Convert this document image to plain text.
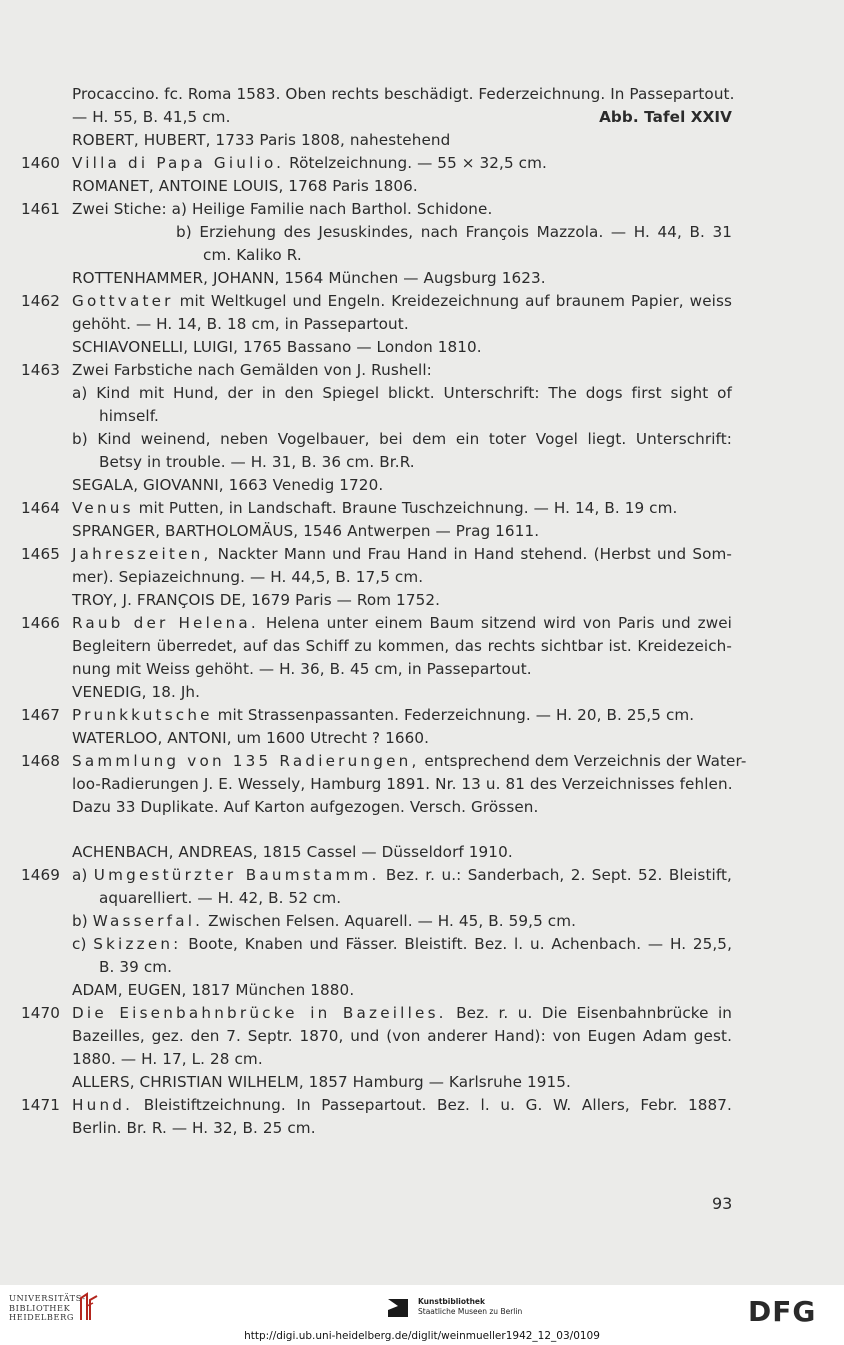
Procaccino. fc. Roma 1583. Oben rechts beschädigt. Federzeichnung. In Passepartout.
— H. 55, B. 41,5 cm.	Abb. Tafel XXIV
ROBERT, HUBERT, 1733 Paris 1808, nahestehend
1460 Villa di Papa Giulio. Rötelzeichnung. — 55 × 32,5 cm.
ROMANET, ANTOINE LOUIS, 1768 Paris 1806.
1461 Zwei Stiche: a) Heilige Familie nach Barthol. Schidone.
b) Erziehung des Jesuskindes, nach François Mazzola. — H. 44, B. 31
cm. Kaliko R.
ROTTENHAMMER, JOHANN, 1564 München — Augsburg 1623.
1462 Gottvater mit Weltkugel und Engeln. Kreidezeichnung auf braunem Papier, weiss
gehöht. — H. 14, B. 18 cm, in Passepartout.
SCHIAVONELLI, LUIGI, 1765 Bassano — London 1810.
1463 Zwei Farbstiche nach Gemälden von J. Rushell:
a) Kind mit Hund, der in den Spiegel blickt. Unterschrift: The dogs first sight of
himself.
b) Kind weinend, neben Vogelbauer, bei dem ein toter Vogel liegt. Unterschrift:
Betsy in trouble. — H. 31, B. 36 cm. Br.R.
SEGALA, GIOVANNI, 1663 Venedig 1720.
1464 Venus mit Putten, in Landschaft. Braune Tuschzeichnung. — H. 14, B. 19 cm.
SPRANGER, BARTHOLOMÄUS, 1546 Antwerpen — Prag 1611.
1465 Jahreszeiten, Nackter Mann und Frau Hand in Hand stehend. (Herbst und Som-
mer). Sepiazeichnung. — H. 44,5, B. 17,5 cm.
TROY, J. FRANÇOIS DE, 1679 Paris — Rom 1752.
1466 Raub der Helena. Helena unter einem Baum sitzend wird von Paris und zwei
Begleitern überredet, auf das Schiff zu kommen, das rechts sichtbar ist. Kreidezeich-
nung mit Weiss gehöht. — H. 36, B. 45 cm, in Passepartout.
VENEDIG, 18. Jh.
1467 Prunkkutsche mit Strassenpassanten. Federzeichnung. — H. 20, B. 25,5 cm.
WATERLOO, ANTONI, um 1600 Utrecht ? 1660.
1468 Sammlung von 135 Radierungen, entsprechend dem Verzeichnis der Water-
loo-Radierungen J. E. Wessely, Hamburg 1891. Nr. 13 u. 81 des Verzeichnisses fehlen.
Dazu 33 Duplikate. Auf Karton aufgezogen. Versch. Grössen.
ACHENBACH, ANDREAS, 1815 Cassel — Düsseldorf 1910.
1469 a) Umgestürzter Baumstamm. Bez. r. u.: Sanderbach, 2. Sept. 52. Bleistift,
aquarelliert. — H. 42, B. 52 cm.
b) Wasserfal. Zwischen Felsen. Aquarell. — H. 45, B. 59,5 cm.
c) Skizzen: Boote, Knaben und Fässer. Bleistift. Bez. l. u. Achenbach. — H. 25,5,
B. 39 cm.
ADAM, EUGEN, 1817 München 1880.
1470 Die Eisenbahnbrücke in Bazeilles. Bez. r. u. Die Eisenbahnbrücke in
Bazeilles, gez. den 7. Septr. 1870, und (von anderer Hand): von Eugen Adam gest.
1880. — H. 17, L. 28 cm.
ALLERS, CHRISTIAN WILHELM, 1857 Hamburg — Karlsruhe 1915.
1471 Hund. Bleistiftzeichnung. In Passepartout. Bez. l. u. G. W. Allers, Febr. 1887.
Berlin. Br. R. — H. 32, B. 25 cm.
93
UNIVERSITÄTS-
BIBLIOTHEK
HEIDELBERG
Kunstbibliothek
Staatliche Museen zu Berlin	DFG
http://digi.ub.uni-heidelberg.de/diglit/weinmueller1942_12_03/0109
